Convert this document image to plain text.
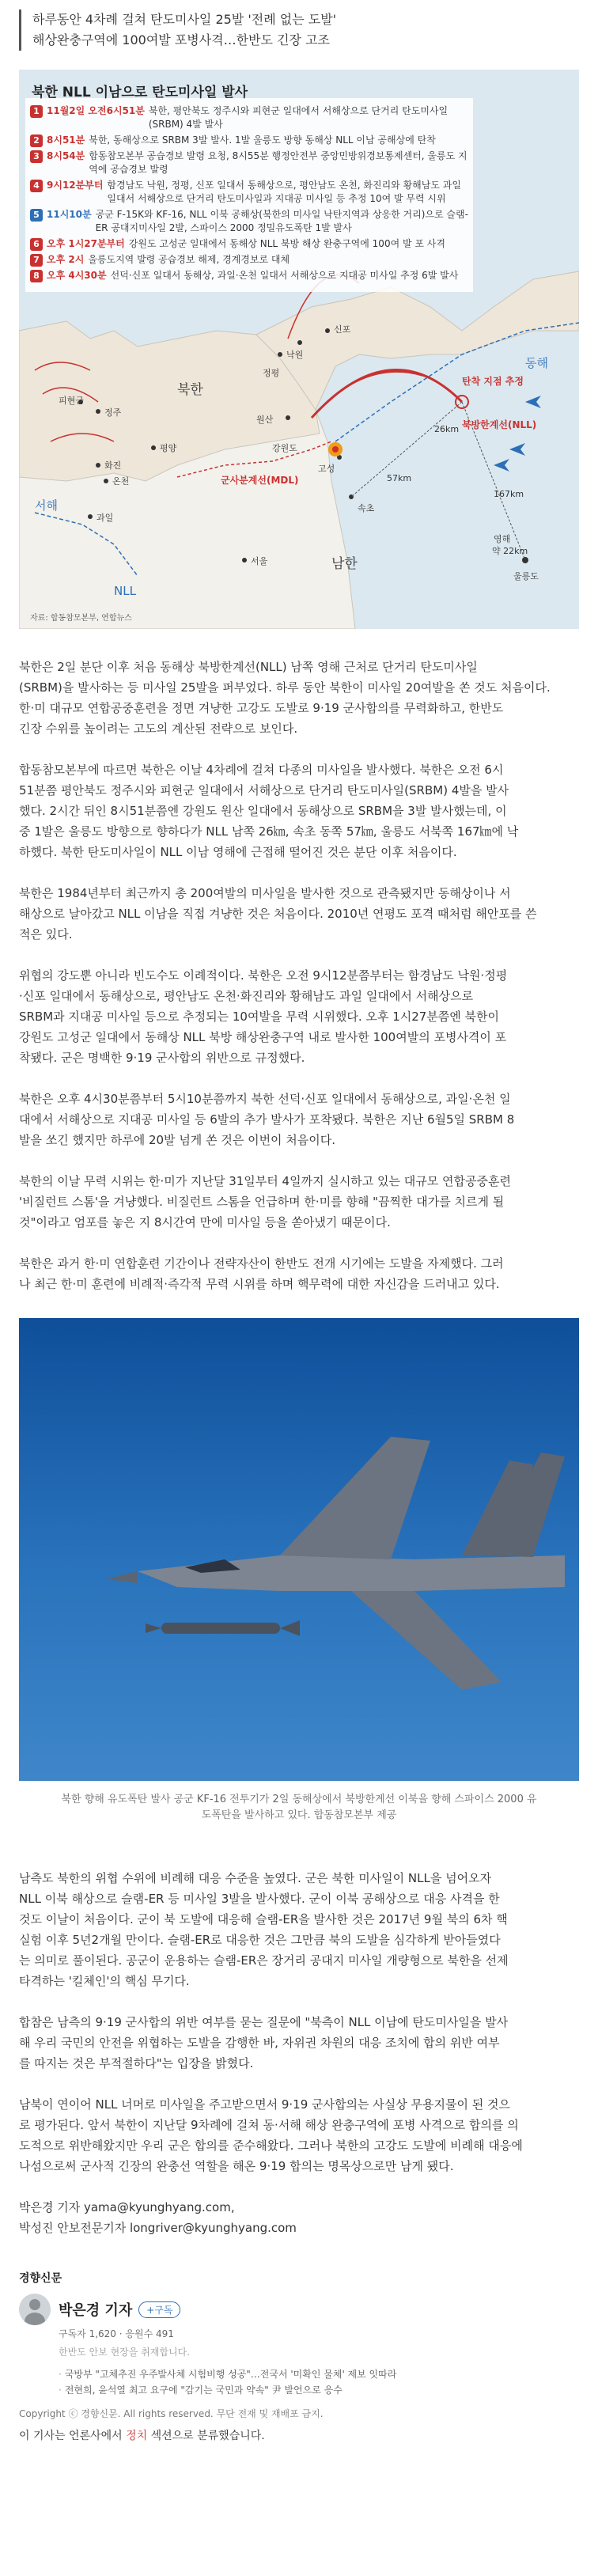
하루동안 4차례 걸쳐 탄도미사일 25발 '전례 없는 도발'
해상완충구역에 100여발 포병사격…한반도 긴장 고조
북한 NLL 이남으로 탄도미사일 발사
1 11월2일 오전6시51분 북한, 평안북도 정주시와 피현군 일대에서 서해상으로 단거리 탄도미사일(SRBM) 4발 발사
2 8시51분 북한, 동해상으로 SRBM 3발 발사. 1발 울릉도 방향 동해상 NLL 이남 공해상에 탄착
3 8시54분 합동참모본부 공습경보 발령 요청, 8시55분 행정안전부 중앙민방위경보통제센터, 울릉도 지역에 공습경보 발령
4 9시12분부터 함경남도 낙원, 정평, 신포 일대서 동해상으로, 평안남도 온천, 화진리와 황해남도 과일 일대서 서해상으로 단거리 탄도미사일과 지대공 미사일 등 추정 10여 발 무력 시위
5 11시10분 공군 F-15K와 KF-16, NLL 이북 공해상(북한의 미사일 낙탄지역과 상응한 거리)으로 슬램-ER 공대지미사일 2발, 스파이스 2000 정밀유도폭탄 1발 발사
6 오후 1시27분부터 강원도 고성군 일대에서 동해상 NLL 북방 해상 완충구역에 100여 발 포 사격
7 오후 2시 울릉도지역 발령 공습경보 해제, 경계경보로 대체
8 오후 4시30분 선덕·신포 일대서 동해상, 과일·온천 일대서 서해상으로 지대공 미사일 추정 6발 발사
북한
남한
동해
서해
NLL
북방한계선(NLL)
군사분계선(MDL)
탄착 지점 추정
피현군
정주
평양
화진
온천
과일
낙원
정평
신포
원산
강원도
고성
속초
서울
영해
26km
57km
167km
약 22km
울릉도
자료: 합동참모본부, 연합뉴스
북한은 2일 분단 이후 처음 동해상 북방한계선(NLL) 남쪽 영해 근처로 단거리 탄도미사일
(SRBM)을 발사하는 등 미사일 25발을 퍼부었다. 하루 동안 북한이 미사일 20여발을 쏜 것도 처음이다.
한·미 대규모 연합공중훈련을 정면 겨냥한 고강도 도발로 9·19 군사합의를 무력화하고, 한반도
긴장 수위를 높이려는 고도의 계산된 전략으로 보인다.
합동참모본부에 따르면 북한은 이날 4차례에 걸쳐 다종의 미사일을 발사했다. 북한은 오전 6시
51분쯤 평안북도 정주시와 피현군 일대에서 서해상으로 단거리 탄도미사일(SRBM) 4발을 발사
했다. 2시간 뒤인 8시51분쯤엔 강원도 원산 일대에서 동해상으로 SRBM을 3발 발사했는데, 이
중 1발은 울릉도 방향으로 향하다가 NLL 남쪽 26㎞, 속초 동쪽 57㎞, 울릉도 서북쪽 167㎞에 낙
하했다. 북한 탄도미사일이 NLL 이남 영해에 근접해 떨어진 것은 분단 이후 처음이다.
북한은 1984년부터 최근까지 총 200여발의 미사일을 발사한 것으로 관측됐지만 동해상이나 서
해상으로 날아갔고 NLL 이남을 직접 겨냥한 것은 처음이다. 2010년 연평도 포격 때처럼 해안포를 쓴
적은 있다.
위협의 강도뿐 아니라 빈도수도 이례적이다. 북한은 오전 9시12분쯤부터는 함경남도 낙원·정평
·신포 일대에서 동해상으로, 평안남도 온천·화진리와 황해남도 과일 일대에서 서해상으로
SRBM과 지대공 미사일 등으로 추정되는 10여발을 무력 시위했다. 오후 1시27분쯤엔 북한이
강원도 고성군 일대에서 동해상 NLL 북방 해상완충구역 내로 발사한 100여발의 포병사격이 포
착됐다. 군은 명백한 9·19 군사합의 위반으로 규정했다.
북한은 오후 4시30분쯤부터 5시10분쯤까지 북한 선덕·신포 일대에서 동해상으로, 과일·온천 일
대에서 서해상으로 지대공 미사일 등 6발의 추가 발사가 포착됐다. 북한은 지난 6월5일 SRBM 8
발을 쏘긴 했지만 하루에 20발 넘게 쏜 것은 이번이 처음이다.
북한의 이날 무력 시위는 한·미가 지난달 31일부터 4일까지 실시하고 있는 대규모 연합공중훈련
'비질런트 스톰'을 겨냥했다. 비질런트 스톰을 언급하며 한·미를 향해 "끔찍한 대가를 치르게 될
것"이라고 엄포를 놓은 지 8시간여 만에 미사일 등을 쏟아냈기 때문이다.
북한은 과거 한·미 연합훈련 기간이나 전략자산이 한반도 전개 시기에는 도발을 자제했다. 그러
나 최근 한·미 훈련에 비례적·즉각적 무력 시위를 하며 핵무력에 대한 자신감을 드러내고 있다.
북한 향해 유도폭탄 발사 공군 KF-16 전투기가 2일 동해상에서 북방한계선 이북을 향해 스파이스 2000 유
도폭탄을 발사하고 있다. 합동참모본부 제공
남측도 북한의 위협 수위에 비례해 대응 수준을 높였다. 군은 북한 미사일이 NLL을 넘어오자
NLL 이북 해상으로 슬램-ER 등 미사일 3발을 발사했다. 군이 이북 공해상으로 대응 사격을 한
것도 이날이 처음이다. 군이 북 도발에 대응해 슬램-ER을 발사한 것은 2017년 9월 북의 6차 핵
실험 이후 5년2개월 만이다. 슬램-ER로 대응한 것은 그만큼 북의 도발을 심각하게 받아들였다
는 의미로 풀이된다. 공군이 운용하는 슬램-ER은 장거리 공대지 미사일 개량형으로 북한을 선제
타격하는 '킬체인'의 핵심 무기다.
합참은 남측의 9·19 군사합의 위반 여부를 묻는 질문에 "북측이 NLL 이남에 탄도미사일을 발사
해 우리 국민의 안전을 위협하는 도발을 감행한 바, 자위권 차원의 대응 조치에 합의 위반 여부
를 따지는 것은 부적절하다"는 입장을 밝혔다.
남북이 연이어 NLL 너머로 미사일을 주고받으면서 9·19 군사합의는 사실상 무용지물이 된 것으
로 평가된다. 앞서 북한이 지난달 9차례에 걸쳐 동·서해 해상 완충구역에 포병 사격으로 합의를 의
도적으로 위반해왔지만 우리 군은 합의를 준수해왔다. 그러나 북한의 고강도 도발에 비례해 대응에
나섬으로써 군사적 긴장의 완충선 역할을 해온 9·19 합의는 명목상으로만 남게 됐다.
박은경 기자 yama@kyunghyang.com,
박성진 안보전문기자 longriver@kyunghyang.com
경향신문
박은경 기자	+구독
구독자 1,620 · 응원수 491
한반도 안보 현장을 취재합니다.
· 국방부 "고체추진 우주발사체 시험비행 성공"…전국서 '미확인 물체' 제보 잇따라
· 전현희, 윤석열 최고 요구에 "감기는 국민과 약속" 尹 발언으로 응수
Copyright ⓒ 경향신문. All rights reserved. 무단 전재 및 재배포 금지.
이 기사는 언론사에서 정치 섹션으로 분류했습니다.
